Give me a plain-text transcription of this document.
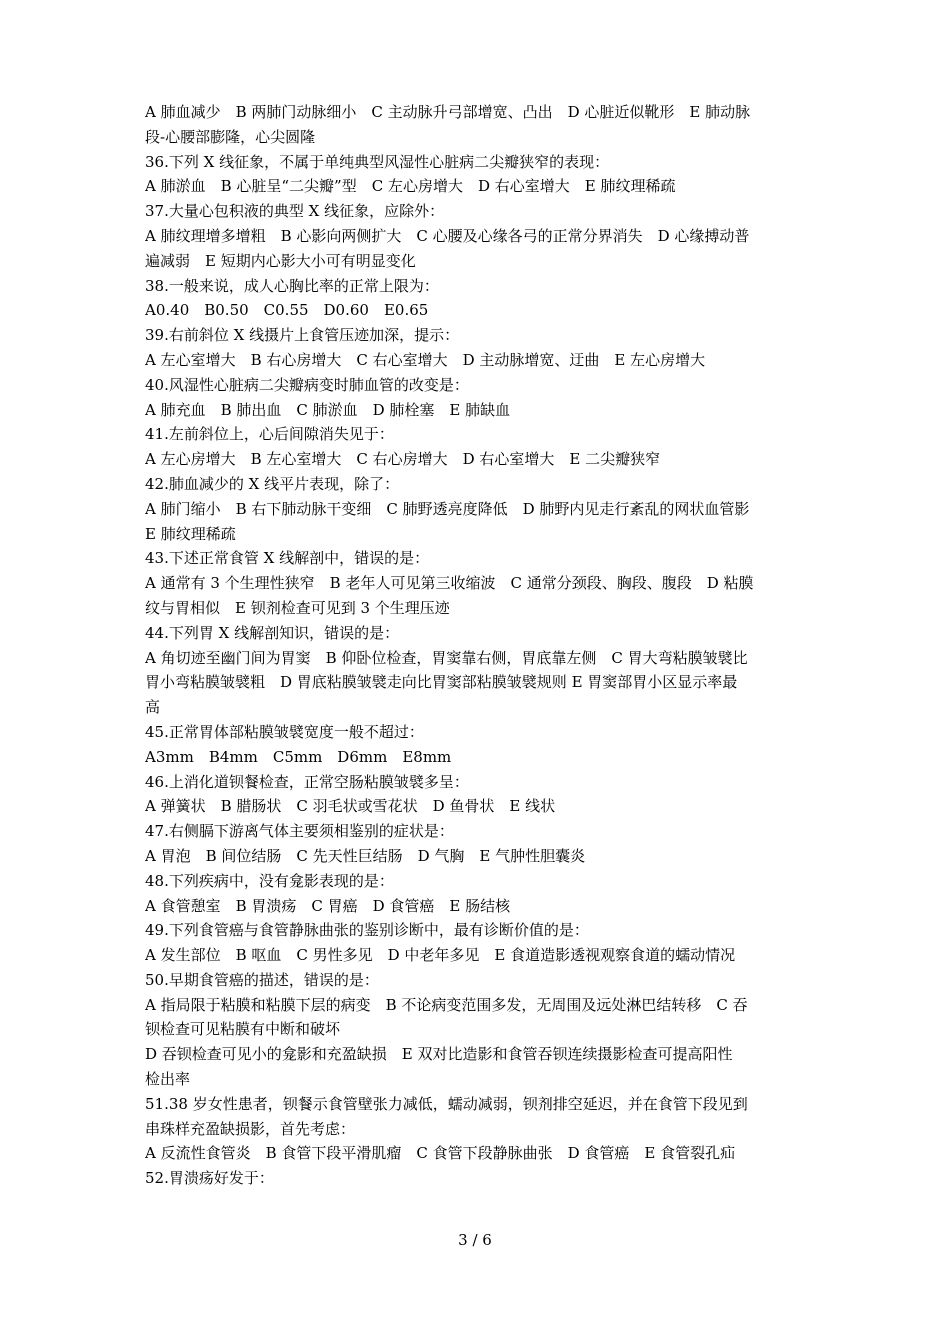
A 肺血减少　B 两肺门动脉细小　C 主动脉升弓部增宽、凸出　D 心脏近似靴形　E 肺动脉
段-心腰部膨隆，心尖圆隆
36.下列 X 线征象，不属于单纯典型风湿性心脏病二尖瓣狭窄的表现：
A 肺淤血　B 心脏呈“二尖瓣”型　C 左心房增大　D 右心室增大　E 肺纹理稀疏
37.大量心包积液的典型 X 线征象，应除外：
A 肺纹理增多增粗　B 心影向两侧扩大　C 心腰及心缘各弓的正常分界消失　D 心缘搏动普
遍减弱　E 短期内心影大小可有明显变化
38.一般来说，成人心胸比率的正常上限为：
A0.40　B0.50　C0.55　D0.60　E0.65
39.右前斜位 X 线摄片上食管压迹加深，提示：
A 左心室增大　B 右心房增大　C 右心室增大　D 主动脉增宽、迂曲　E 左心房增大
40.风湿性心脏病二尖瓣病变时肺血管的改变是：
A 肺充血　B 肺出血　C 肺淤血　D 肺栓塞　E 肺缺血
41.左前斜位上，心后间隙消失见于：
A 左心房增大　B 左心室增大　C 右心房增大　D 右心室增大　E 二尖瓣狭窄
42.肺血减少的 X 线平片表现，除了：
A 肺门缩小　B 右下肺动脉干变细　C 肺野透亮度降低　D 肺野内见走行紊乱的网状血管影
E 肺纹理稀疏
43.下述正常食管 X 线解剖中，错误的是：
A 通常有 3 个生理性狭窄　B 老年人可见第三收缩波　C 通常分颈段、胸段、腹段　D 粘膜
纹与胃相似　E 钡剂检查可见到 3 个生理压迹
44.下列胃 X 线解剖知识，错误的是：
A 角切迹至幽门间为胃窦　B 仰卧位检查，胃窦靠右侧，胃底靠左侧　C 胃大弯粘膜皱襞比
胃小弯粘膜皱襞粗　D 胃底粘膜皱襞走向比胃窦部粘膜皱襞规则 E 胃窦部胃小区显示率最
高
45.正常胃体部粘膜皱襞宽度一般不超过：
A3mm　B4mm　C5mm　D6mm　E8mm
46.上消化道钡餐检查，正常空肠粘膜皱襞多呈：
A 弹簧状　B 腊肠状　C 羽毛状或雪花状　D 鱼骨状　E 线状
47.右侧膈下游离气体主要须相鉴别的症状是：
A 胃泡　B 间位结肠　C 先天性巨结肠　D 气胸　E 气肿性胆囊炎
48.下列疾病中，没有龛影表现的是：
A 食管憩室　B 胃溃疡　C 胃癌　D 食管癌　E 肠结核
49.下列食管癌与食管静脉曲张的鉴别诊断中，最有诊断价值的是：
A 发生部位　B 呕血　C 男性多见　D 中老年多见　E 食道造影透视观察食道的蠕动情况
50.早期食管癌的描述，错误的是：
A 指局限于粘膜和粘膜下层的病变　B 不论病变范围多发，无周围及远处淋巴结转移　C 吞
钡检查可见粘膜有中断和破坏
D 吞钡检查可见小的龛影和充盈缺损　E 双对比造影和食管吞钡连续摄影检查可提高阳性
检出率
51.38 岁女性患者，钡餐示食管壁张力减低，蠕动减弱，钡剂排空延迟，并在食管下段见到
串珠样充盈缺损影，首先考虑：
A 反流性食管炎　B 食管下段平滑肌瘤　C 食管下段静脉曲张　D 食管癌　E 食管裂孔疝
52.胃溃疡好发于：
3 / 6
